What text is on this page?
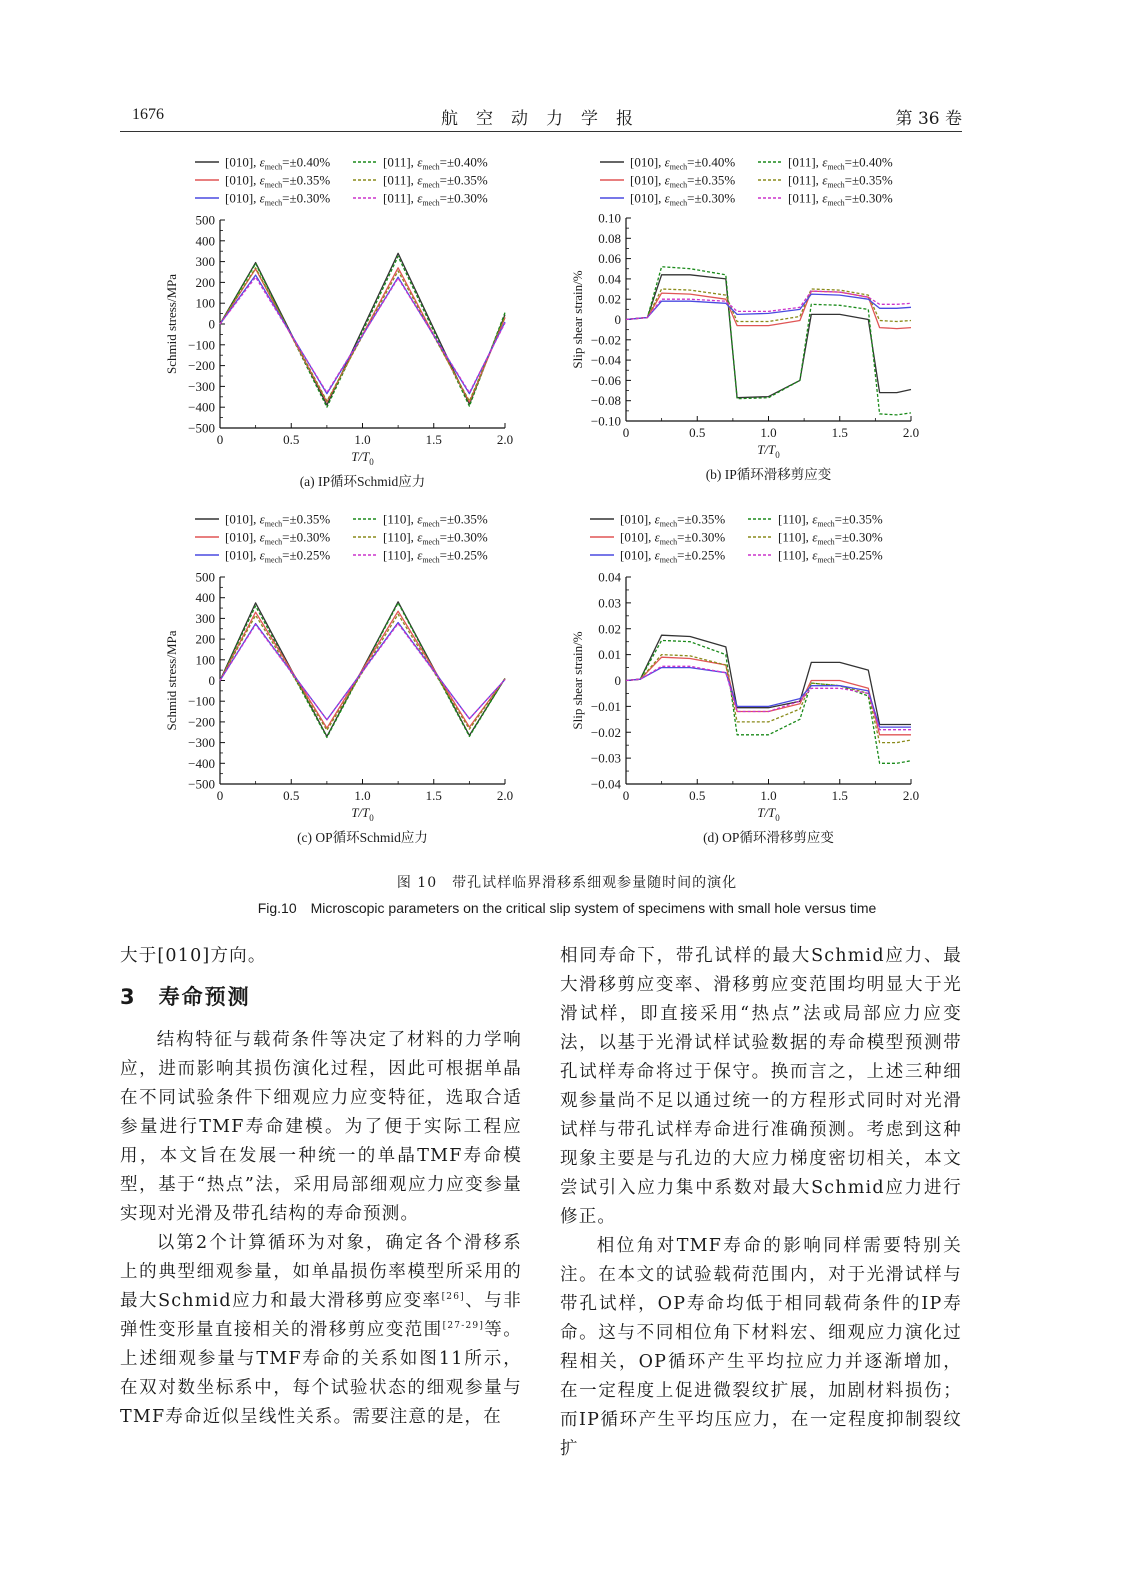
1676	航空动力学报	第 36 卷
500
400
300
200
100
0
−100
−200
−300
−400
−500
0	0.5	1.0	1.5	2.0
$T/T_0$
Schmid stress/MPa
(a) IP循环Schmid应力
[010], $\varepsilon_{mech}=\pm 0.40\%$	[011], $\varepsilon_{mech}=\pm 0.40\%$
[010], $\varepsilon_{mech}=\pm 0.35\%$	[011], $\varepsilon_{mech}=\pm 0.35\%$
[010], $\varepsilon_{mech}=\pm 0.30\%$	[011], $\varepsilon_{mech}=\pm 0.30\%$
0.10
0.08
0.06
0.04
0.02
0
−0.02
−0.04
−0.06
−0.08
−0.10
0	0.5	1.0	1.5	2.0
$T/T_0$
Slip shear strain/%
(b) IP循环滑移剪应变
[010], $\varepsilon_{mech}=\pm 0.40\%$	[011], $\varepsilon_{mech}=\pm 0.40\%$
[010], $\varepsilon_{mech}=\pm 0.35\%$	[011], $\varepsilon_{mech}=\pm 0.35\%$
[010], $\varepsilon_{mech}=\pm 0.30\%$	[011], $\varepsilon_{mech}=\pm 0.30\%$
500
400
300
200
100
0
−100
−200
−300
−400
−500
0	0.5	1.0	1.5	2.0
$T/T_0$
Schmid stress/MPa
(c) OP循环Schmid应力
[010], $\varepsilon_{mech}=\pm 0.35\%$	[110], $\varepsilon_{mech}=\pm 0.35\%$
[010], $\varepsilon_{mech}=\pm 0.30\%$	[110], $\varepsilon_{mech}=\pm 0.30\%$
[010], $\varepsilon_{mech}=\pm 0.25\%$	[110], $\varepsilon_{mech}=\pm 0.25\%$
0.04
0.03
0.02
0.01
0
−0.01
−0.02
−0.03
−0.04
0	0.5	1.0	1.5	2.0
$T/T_0$
Slip shear strain/%
(d) OP循环滑移剪应变
[010], $\varepsilon_{mech}=\pm 0.35\%$	[110], $\varepsilon_{mech}=\pm 0.35\%$
[010], $\varepsilon_{mech}=\pm 0.30\%$	[110], $\varepsilon_{mech}=\pm 0.30\%$
[010], $\varepsilon_{mech}=\pm 0.25\%$	[110], $\varepsilon_{mech}=\pm 0.25\%$
图 10　带孔试样临界滑移系细观参量随时间的演化
Fig.10　Microscopic parameters on the critical slip system of specimens with small hole versus time

大于[010]方向。

3 寿命预测

结构特征与载荷条件等决定了材料的力学响应，进而影响其损伤演化过程，因此可根据单晶在不同试验条件下细观应力应变特征，选取合适参量进行TMF寿命建模。为了便于实际工程应用，本文旨在发展一种统一的单晶TMF寿命模型，基于“热点”法，采用局部细观应力应变参量实现对光滑及带孔结构的寿命预测。

以第2个计算循环为对象，确定各个滑移系上的典型细观参量，如单晶损伤率模型所采用的最大Schmid应力和最大滑移剪应变率[26]、与非弹性变形量直接相关的滑移剪应变范围[27-29]等。上述细观参量与TMF寿命的关系如图11所示，在双对数坐标系中，每个试验状态的细观参量与TMF寿命近似呈线性关系。需要注意的是，在

相同寿命下，带孔试样的最大Schmid应力、最大滑移剪应变率、滑移剪应变范围均明显大于光滑试样，即直接采用“热点”法或局部应力应变法，以基于光滑试样试验数据的寿命模型预测带孔试样寿命将过于保守。换而言之，上述三种细观参量尚不足以通过统一的方程形式同时对光滑试样与带孔试样寿命进行准确预测。考虑到这种现象主要是与孔边的大应力梯度密切相关，本文尝试引入应力集中系数对最大Schmid应力进行修正。

相位角对TMF寿命的影响同样需要特别关注。在本文的试验载荷范围内，对于光滑试样与带孔试样，OP寿命均低于相同载荷条件的IP寿命。这与不同相位角下材料宏、细观应力演化过程相关，OP循环产生平均拉应力并逐渐增加，在一定程度上促进微裂纹扩展，加剧材料损伤；而IP循环产生平均压应力，在一定程度抑制裂纹扩
